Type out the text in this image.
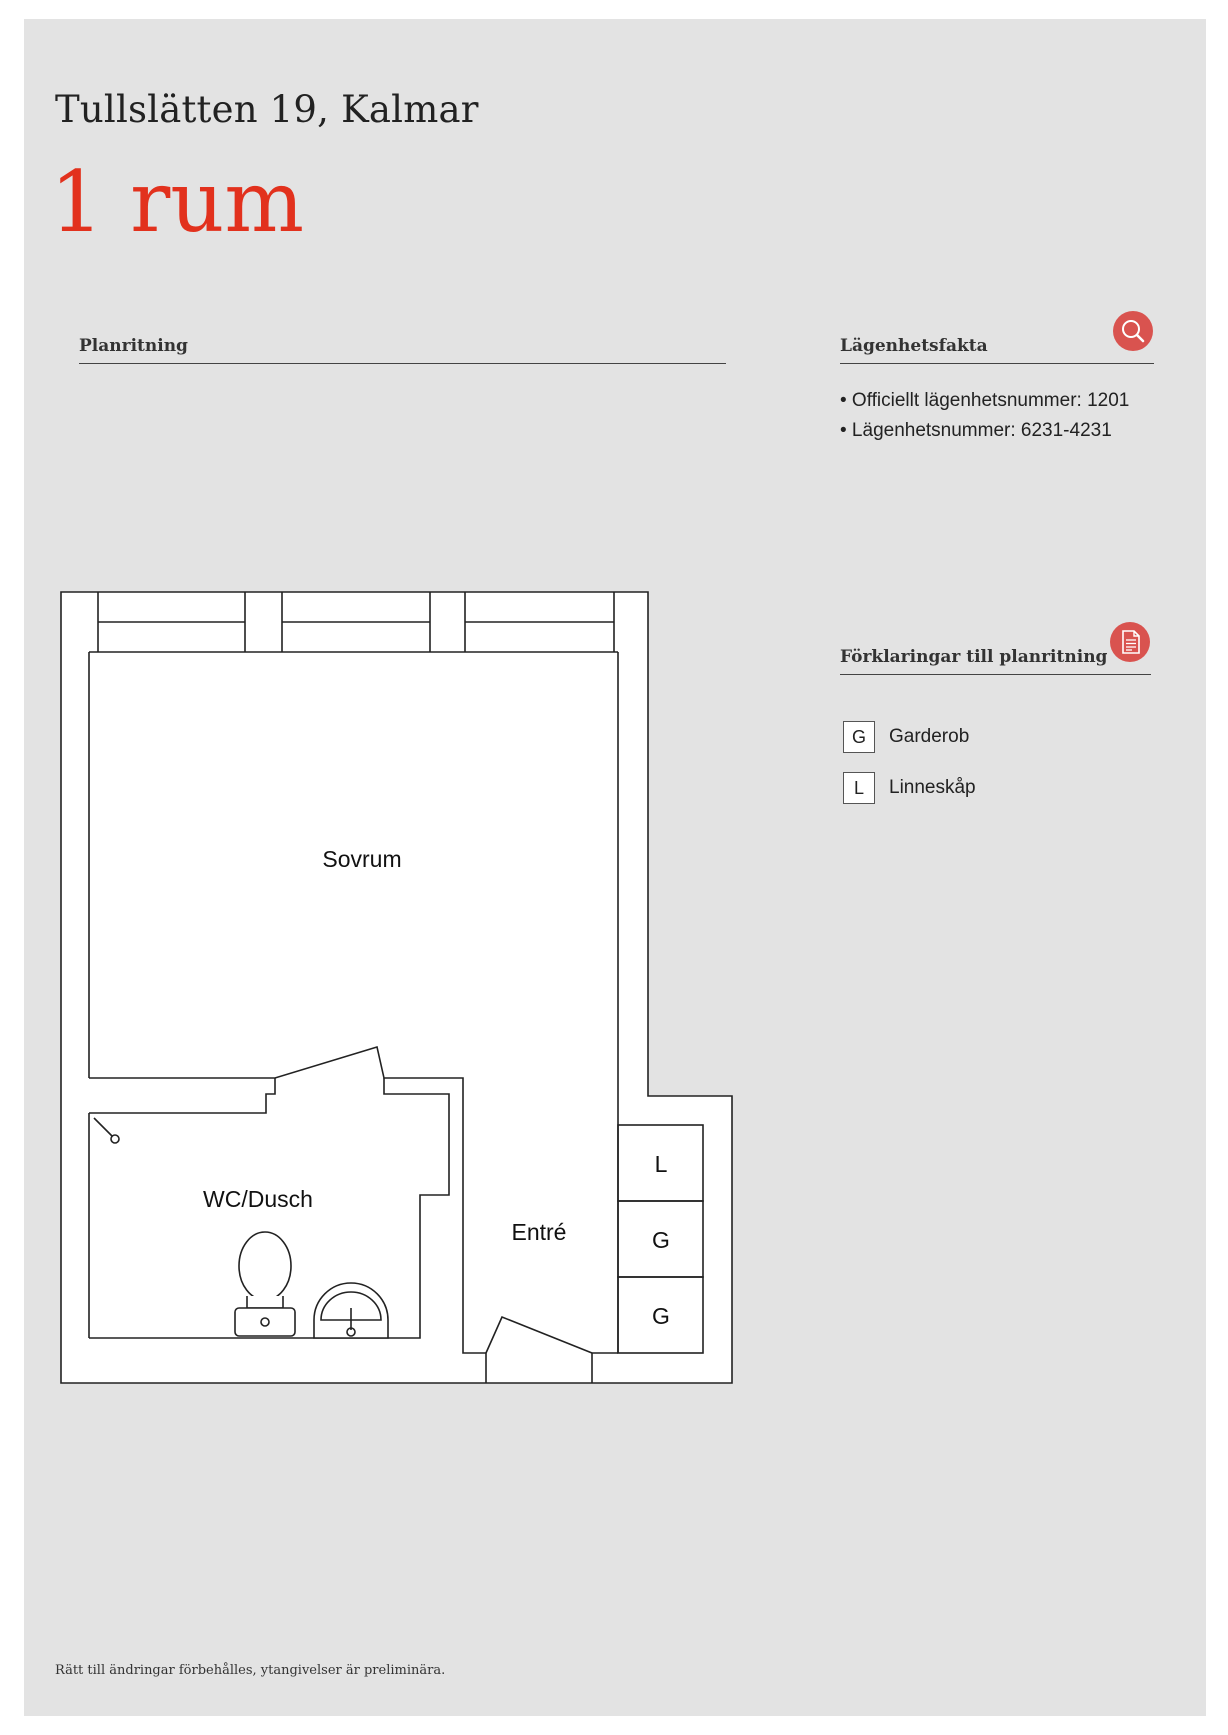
Tullslätten 19, Kalmar
1 rum
Planritning	Lägenhetsfakta
• Officiellt lägenhetsnummer: 1201
• Lägenhetsnummer: 6231-4231
Förklaringar till planritning
G	Garderob
L	Linneskåp
Sovrum
WC/Dusch
Entré
L
G
G
Rätt till ändringar förbehålles, ytangivelser är preliminära.
